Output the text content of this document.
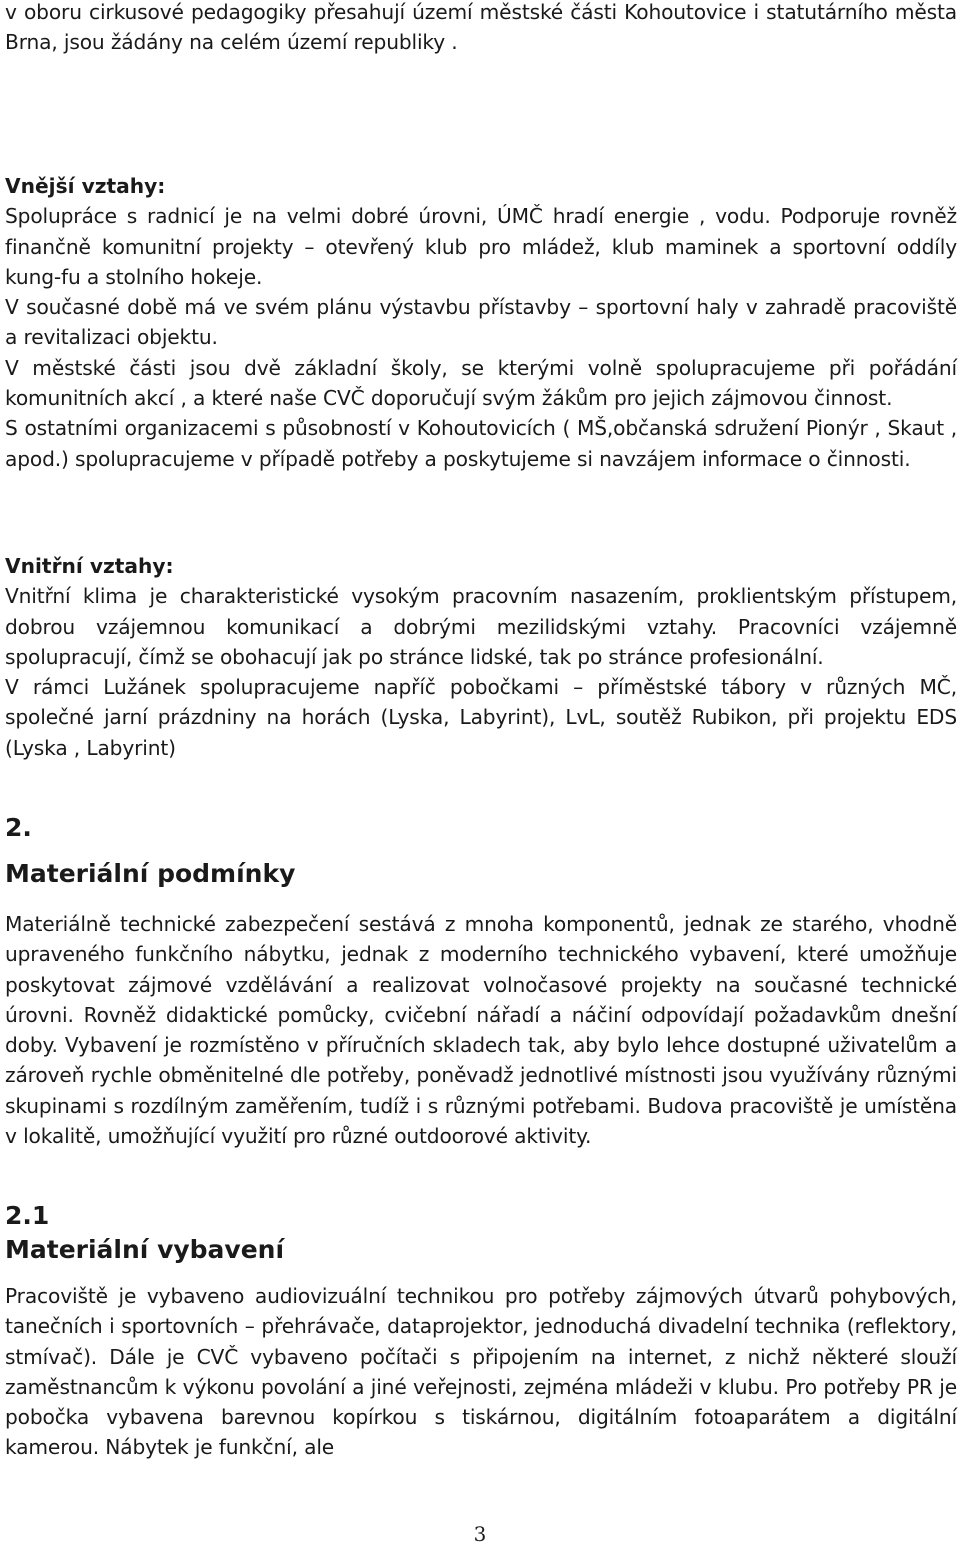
v oboru cirkusové pedagogiky přesahují území městské části Kohoutovice i statutárního města Brna, jsou žádány na celém území republiky .

Vnější vztahy:

Spolupráce s radnicí je na velmi dobré úrovni, ÚMČ hradí energie , vodu. Podporuje rovněž finančně komunitní projekty – otevřený klub pro mládež, klub maminek a sportovní oddíly kung-fu a stolního hokeje.

V současné době má ve svém plánu výstavbu přístavby – sportovní haly v zahradě pracoviště a revitalizaci objektu.

V městské části jsou dvě základní školy, se kterými volně spolupracujeme při pořádání komunitních akcí , a které naše CVČ doporučují svým žákům pro jejich zájmovou činnost.

S ostatními organizacemi s působností v Kohoutovicích ( MŠ,občanská sdružení Pionýr , Skaut , apod.) spolupracujeme v případě potřeby a poskytujeme si navzájem informace o činnosti.

Vnitřní vztahy:

Vnitřní klima je charakteristické vysokým pracovním nasazením, proklientským přístupem, dobrou vzájemnou komunikací a dobrými mezilidskými vztahy. Pracovníci vzájemně spolupracují, čímž se obohacují jak po stránce lidské, tak po stránce profesionální.

V rámci Lužánek spolupracujeme napříč pobočkami – příměstské tábory v různých MČ, společné jarní prázdniny na horách (Lyska, Labyrint), LvL, soutěž Rubikon, při projektu EDS (Lyska , Labyrint)

2.

Materiální podmínky

Materiálně technické zabezpečení sestává z mnoha komponentů, jednak ze starého, vhodně upraveného funkčního nábytku, jednak z moderního technického vybavení, které umožňuje poskytovat zájmové vzdělávání a realizovat volnočasové projekty na současné technické úrovni. Rovněž didaktické pomůcky, cvičební nářadí a náčiní odpovídají požadavkům dnešní doby. Vybavení je rozmístěno v příručních skladech tak, aby bylo lehce dostupné uživatelům a zároveň rychle obměnitelné dle potřeby, poněvadž jednotlivé místnosti jsou využívány různými skupinami s rozdílným zaměřením, tudíž i s různými potřebami. Budova pracoviště je umístěna v lokalitě, umožňující využití pro různé outdoorové aktivity.

2.1

Materiální vybavení

Pracoviště je vybaveno audiovizuální technikou pro potřeby zájmových útvarů pohybových, tanečních i sportovních – přehrávače, dataprojektor, jednoduchá divadelní technika (reflektory, stmívač). Dále je CVČ vybaveno počítači s připojením na internet, z nichž některé slouží zaměstnancům k výkonu povolání a jiné veřejnosti, zejména mládeži v klubu. Pro potřeby PR je pobočka vybavena barevnou kopírkou s tiskárnou, digitálním fotoaparátem a digitální kamerou. Nábytek je funkční, ale

3
